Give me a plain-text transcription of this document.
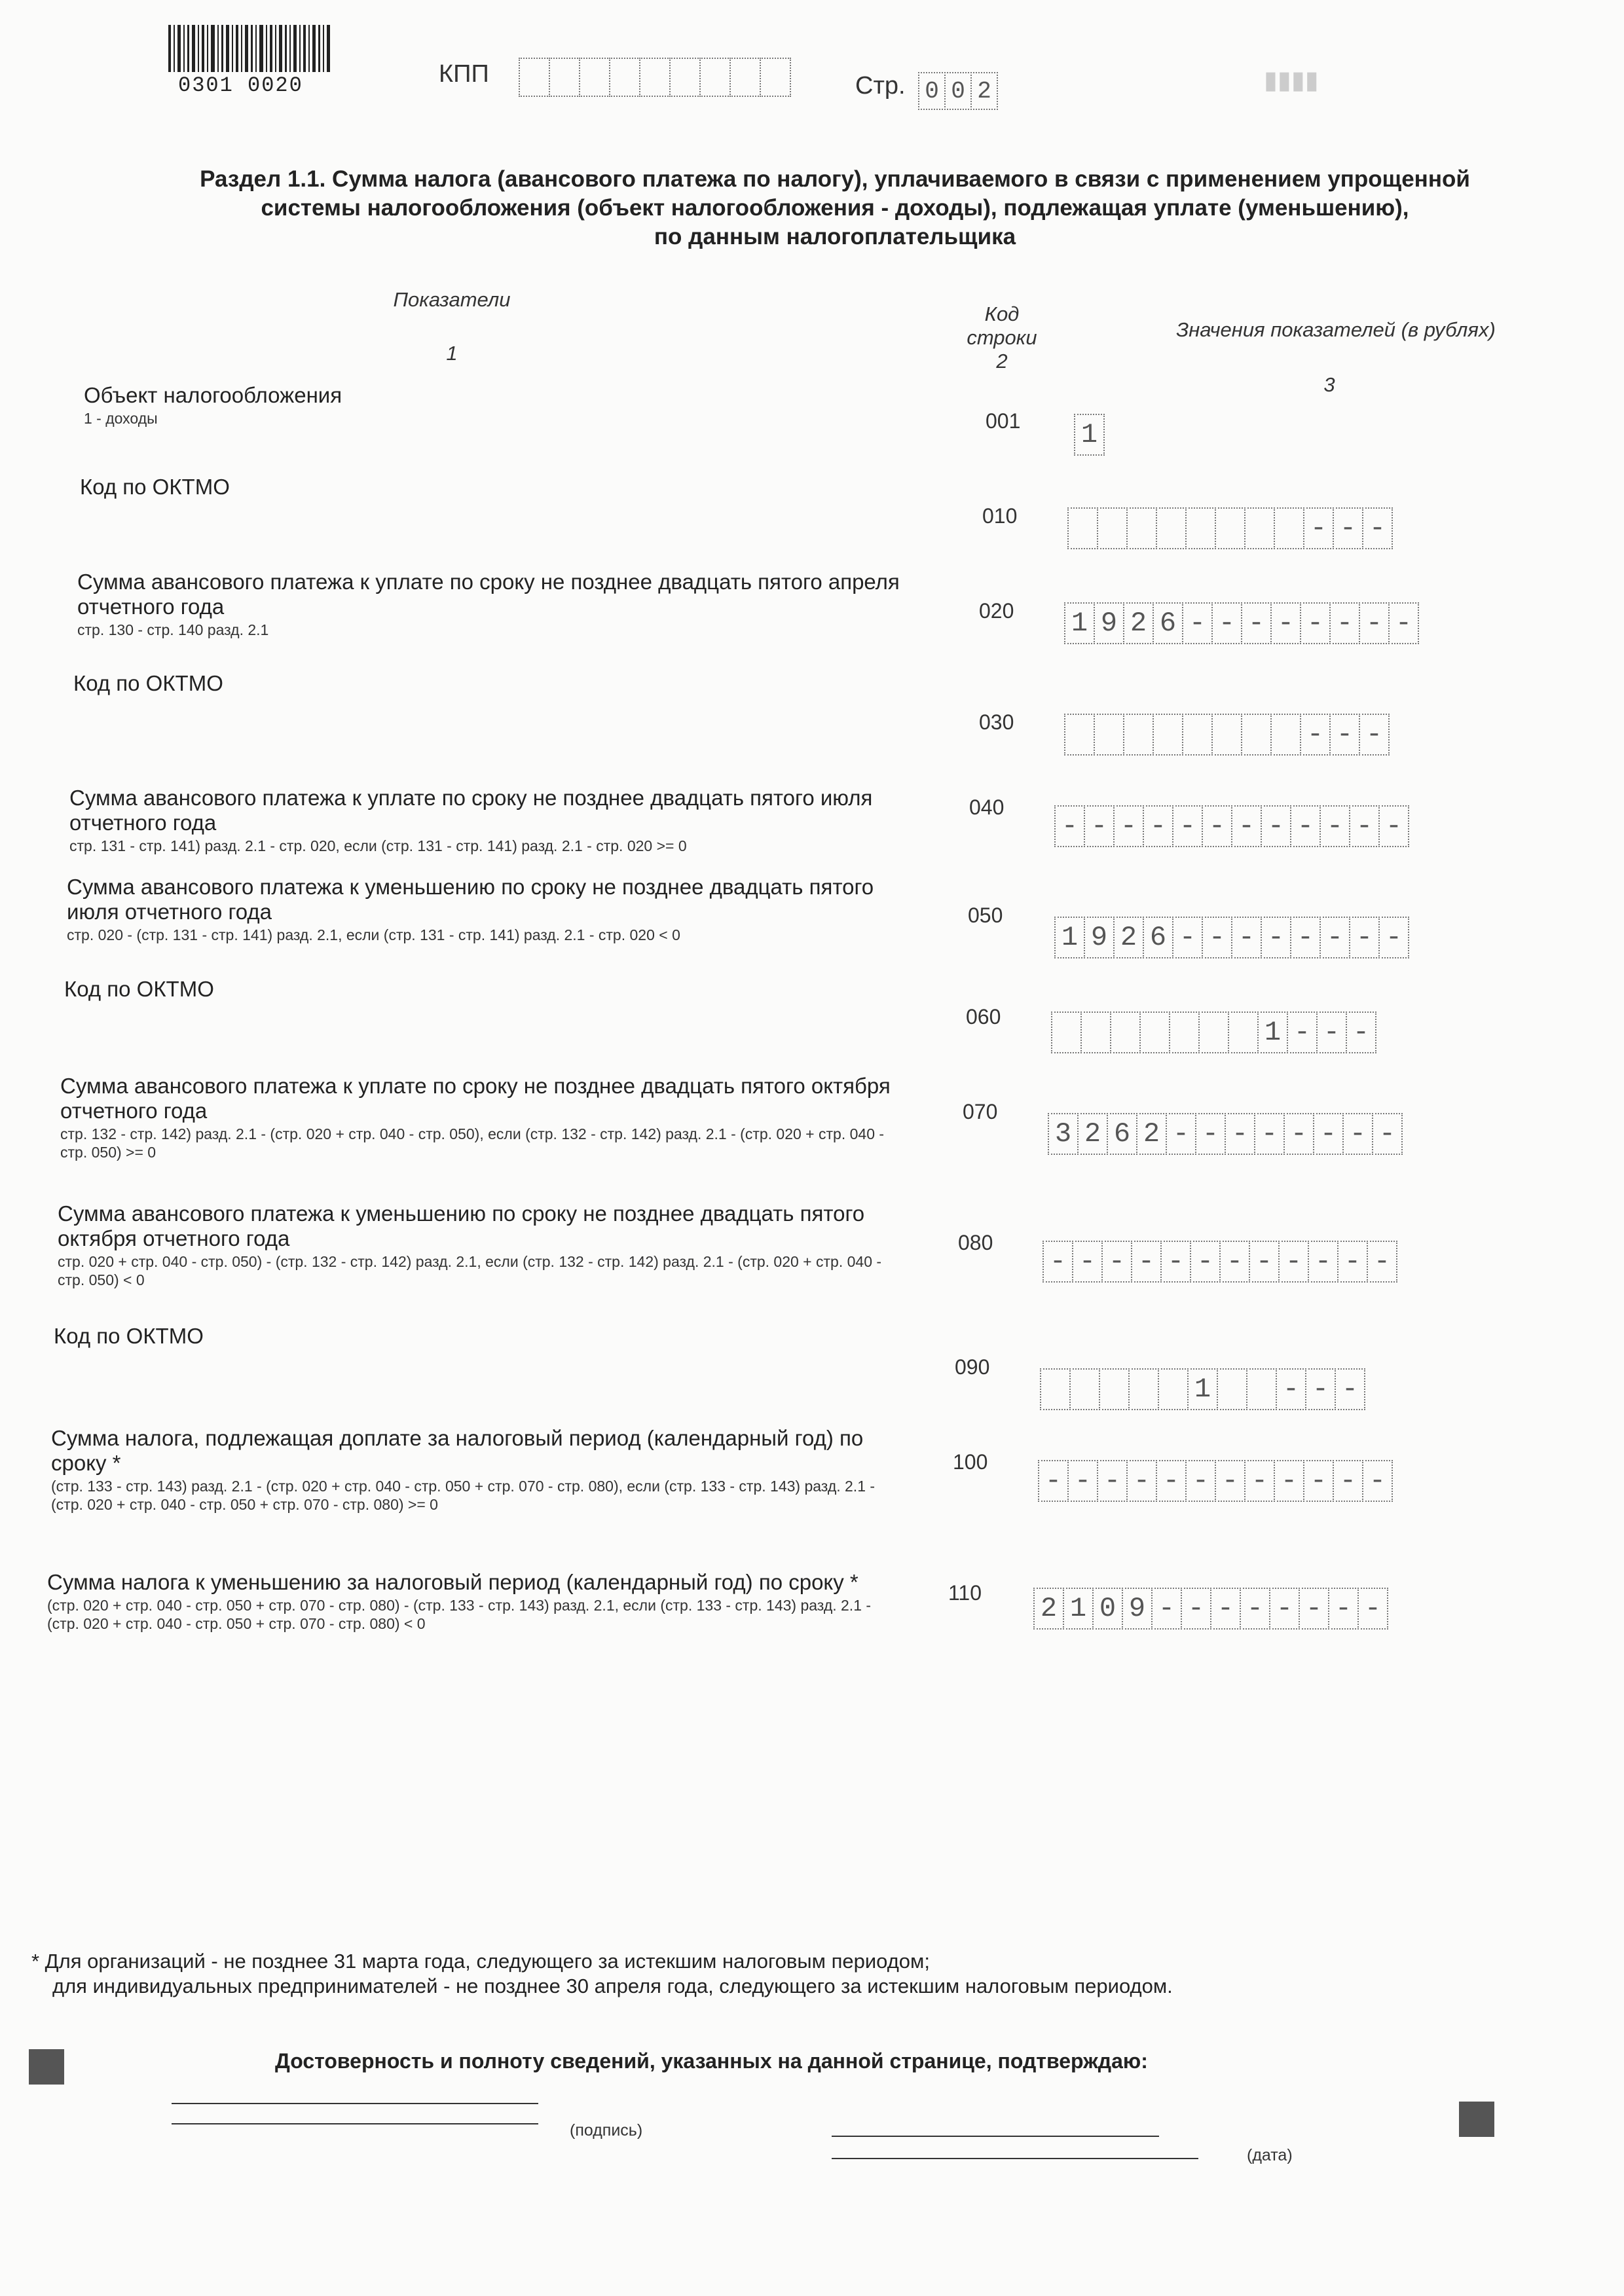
0301 0020	КПП	Стр. 0 0 2	▮▮▮▮
Раздел 1.1. Сумма налога (авансового платежа по налогу), уплачиваемого в связи с применением упрощенной
системы налогообложения (объект налогообложения - доходы), подлежащая уплате (уменьшению),
по данным налогоплательщика
Показатели
1
Код
строки
2
Значения показателей (в рублях)
3
Объект налогообложения
1 - доходы	001 1
Код по ОКТМО
010	- - -
Сумма авансового платежа к уплате по сроку не позднее двадцать пятого апреля отчетного года
стр. 130 - стр. 140 разд. 2.1
020 1 9 2 6 - - - - - - - -
Код по ОКТМО
030	- - -
Сумма авансового платежа к уплате по сроку не позднее двадцать пятого июля отчетного года
стр. 131 - стр. 141) разд. 2.1 - стр. 020, если (стр. 131 - стр. 141) разд. 2.1 - стр. 020 >= 0
040
- - - - - - - - - - - -
Сумма авансового платежа к уменьшению по сроку не позднее двадцать пятого июля отчетного года
стр. 020 - (стр. 131 - стр. 141) разд. 2.1, если (стр. 131 - стр. 141) разд. 2.1 - стр. 020 < 0
050
1 9 2 6 - - - - - - - -
Код по ОКТМО
060	1 - - -
Сумма авансового платежа к уплате по сроку не позднее двадцать пятого октября отчетного года
стр. 132 - стр. 142) разд. 2.1 - (стр. 020 + стр. 040 - стр. 050), если (стр. 132 - стр. 142) разд. 2.1 - (стр. 020 + стр. 040 - стр. 050) >= 0
070
3 2 6 2 - - - - - - - -
Сумма авансового платежа к уменьшению по сроку не позднее двадцать пятого октября отчетного года
стр. 020 + стр. 040 - стр. 050) - (стр. 132 - стр. 142) разд. 2.1, если (стр. 132 - стр. 142) разд. 2.1 - (стр. 020 + стр. 040 - стр. 050) < 0
080
- - - - - - - - - - - -
Код по ОКТМО
090
1	- - -
Сумма налога, подлежащая доплате за налоговый период (календарный год) по сроку *
(стр. 133 - стр. 143) разд. 2.1 - (стр. 020 + стр. 040 - стр. 050 + стр. 070 - стр. 080), если (стр. 133 - стр. 143) разд. 2.1 - (стр. 020 + стр. 040 - стр. 050 + стр. 070 - стр. 080) >= 0
100
- - - - - - - - - - - -
Сумма налога к уменьшению за налоговый период (календарный год) по сроку *
(стр. 020 + стр. 040 - стр. 050 + стр. 070 - стр. 080) - (стр. 133 - стр. 143) разд. 2.1, если (стр. 133 - стр. 143) разд. 2.1 - (стр. 020 + стр. 040 - стр. 050 + стр. 070 - стр. 080) < 0
110 2 1 0 9 - - - - - - - -
* Для организаций - не позднее 31 марта года, следующего за истекшим налоговым периодом;
для индивидуальных предпринимателей - не позднее 30 апреля года, следующего за истекшим налоговым периодом.
Достоверность и полноту сведений, указанных на данной странице, подтверждаю:
(подпись)
(дата)
